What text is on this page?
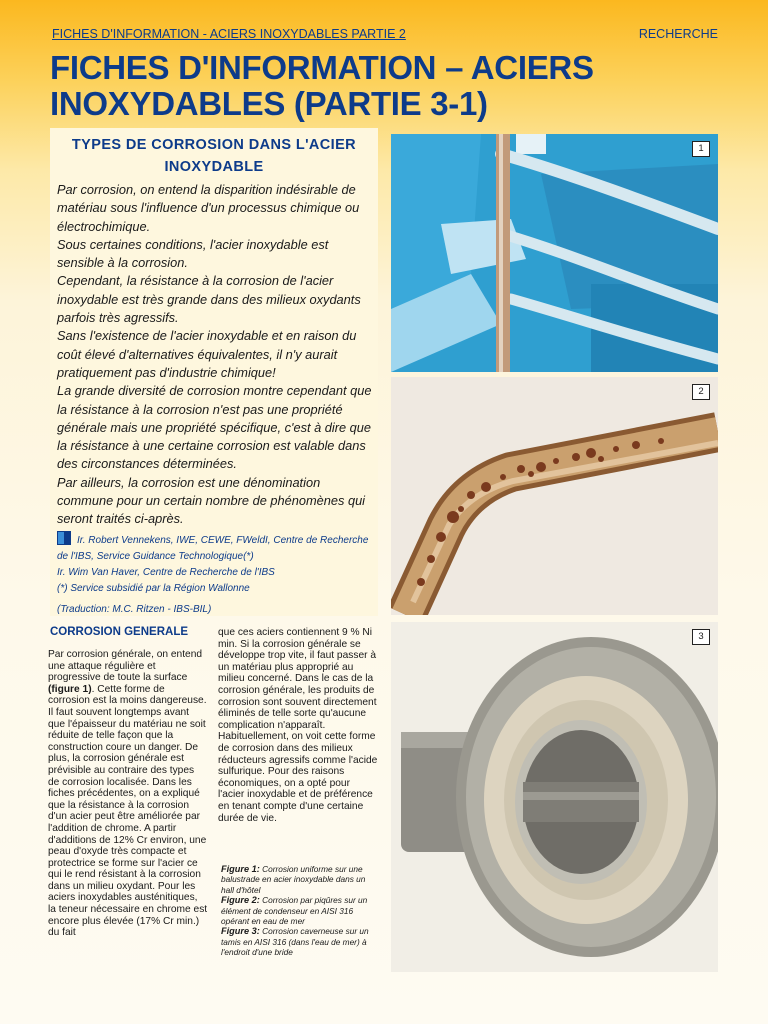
FICHES D'INFORMATION - ACIERS INOXYDABLES PARTIE 2	RECHERCHE
FICHES D'INFORMATION – ACIERS INOXYDABLES (PARTIE 3-1)
TYPES DE CORROSION DANS L'ACIER INOXYDABLE

Par corrosion, on entend la disparition indésirable de matériau sous l'influence d'un processus chimique ou électrochimique.
Sous certaines conditions, l'acier inoxydable est sensible à la corrosion.
Cependant, la résistance à la corrosion de l'acier inoxydable est très grande dans des milieux oxydants parfois très agressifs.
Sans l'existence de l'acier inoxydable et en raison du coût élevé d'alternatives équivalentes, il n'y aurait pratiquement pas d'industrie chimique!
La grande diversité de corrosion montre cependant que la résistance à la corrosion n'est pas une propriété générale mais une propriété spécifique, c'est à dire que la résistance à une certaine corrosion est valable dans des circonstances déterminées.
Par ailleurs, la corrosion est une dénomination commune pour un certain nombre de phénomènes qui seront traités ci-après.

Ir. Robert Vennekens, IWE, CEWE, FWeldI, Centre de Recherche de l'IBS, Service Guidance Technologique(*)
Ir. Wim Van Haver, Centre de Recherche de l'IBS
(*) Service subsidié par la Région Wallonne
(Traduction: M.C. Ritzen - IBS-BIL)
CORROSION GENERALE

Par corrosion générale, on entend une attaque régulière et progressive de toute la surface (figure 1). Cette forme de corrosion est la moins dangereuse. Il faut souvent longtemps avant que l'épaisseur du matériau ne soit réduite de telle façon que la construction coure un danger. De plus, la corrosion générale est prévisible au contraire des types de corrosion localisée. Dans les fiches précédentes, on a expliqué que la résistance à la corrosion d'un acier peut être améliorée par l'addition de chrome. A partir d'additions de 12% Cr environ, une peau d'oxyde très compacte et protectrice se forme sur l'acier ce qui le rend résistant à la corrosion dans un milieu oxydant. Pour les aciers inoxydables austénitiques, la teneur nécessaire en chrome est encore plus élevée (17% Cr min.) du fait

que ces aciers contiennent 9 % Ni min. Si la corrosion générale se développe trop vite, il faut passer à un matériau plus approprié au milieu concerné. Dans le cas de la corrosion générale, les produits de corrosion sont souvent directement éliminés de telle sorte qu'aucune complication n'apparaît. Habituellement, on voit cette forme de corrosion dans des milieux réducteurs agressifs comme l'acide sulfurique. Pour des raisons économiques, on a opté pour l'acier inoxydable et de préférence en tenant compte d'une certaine durée de vie.

Figure 1: Corrosion uniforme sur une balustrade en acier inoxydable dans un hall d'hôtel
Figure 2: Corrosion par piqûres sur un élément de condenseur en AISI 316 opérant en eau de mer
Figure 3: Corrosion caverneuse sur un tamis en AISI 316 (dans l'eau de mer) à l'endroit d'une bride
1
2
3
